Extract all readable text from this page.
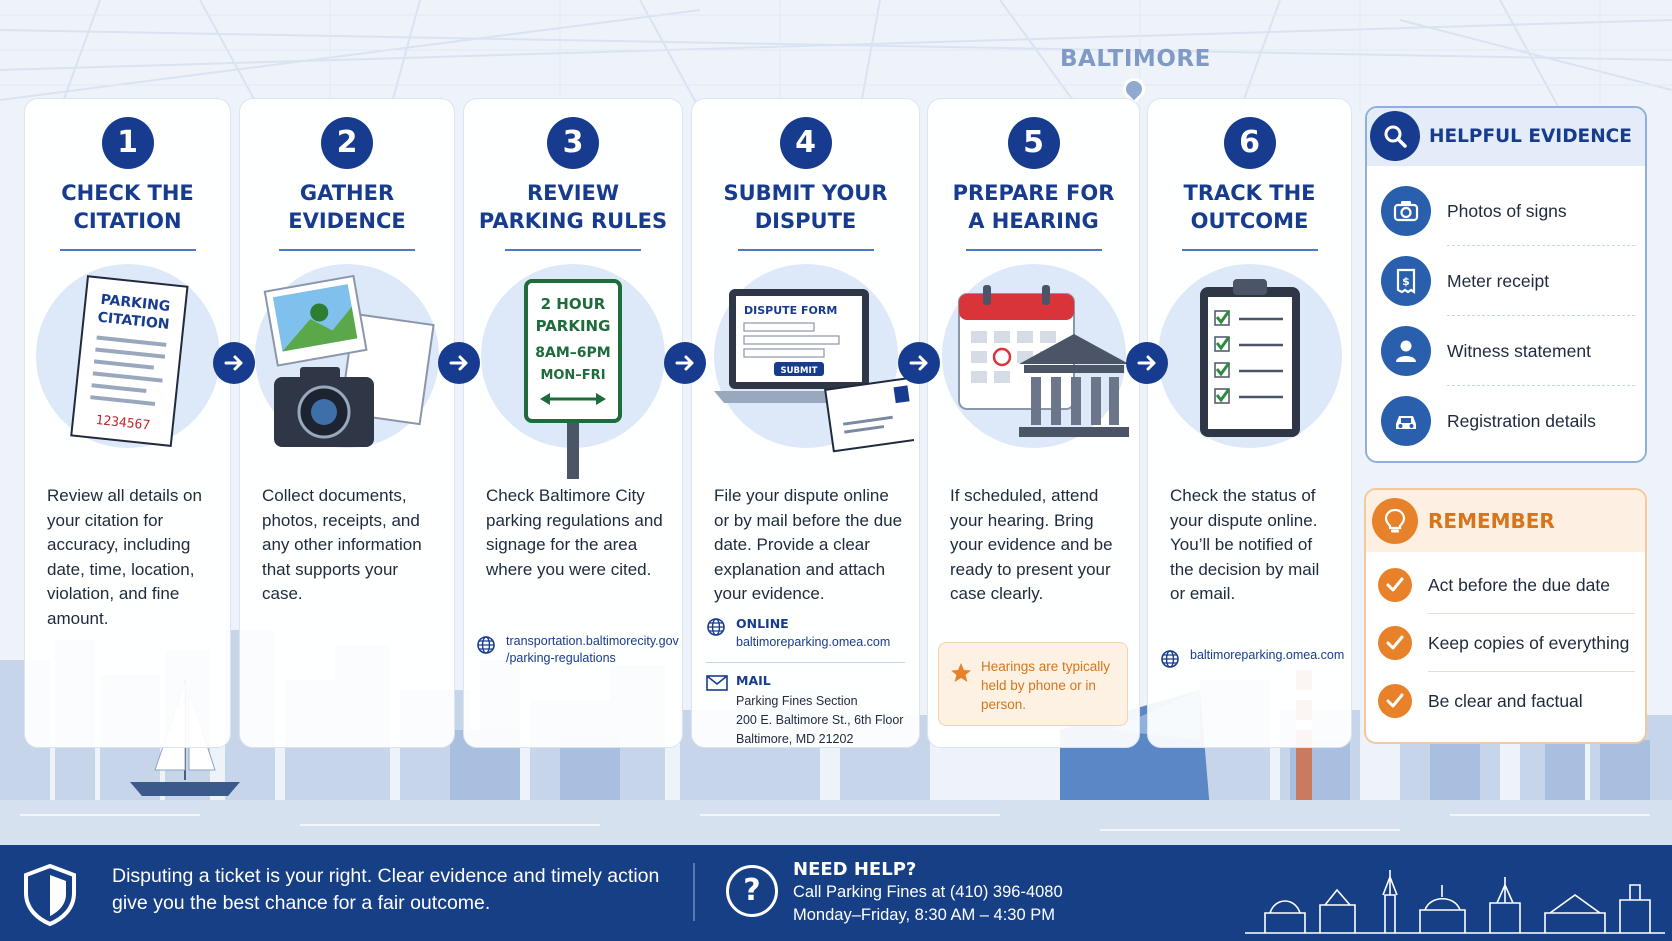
BALTIMORE
1
CHECK THE
CITATION
PARKING
CITATION
1234567
Review all details on your citation for accuracy, including date, time, location, violation, and fine amount.
2
GATHER
EVIDENCE
Collect documents, photos, receipts, and any other information that supports your case.
3
REVIEW
PARKING RULES
2 HOUR
PARKING
8AM–6PM
MON–FRI
Check Baltimore City parking regulations and signage for the area where you were cited.
transportation.baltimorecity.gov
/parking-regulations
4
SUBMIT YOUR
DISPUTE
DISPUTE FORM
SUBMIT
File your dispute online or by mail before the due date. Provide a clear explanation and attach your evidence.
ONLINE
baltimoreparking.omea.com
MAIL
Parking Fines Section
200 E. Baltimore St., 6th Floor
Baltimore, MD 21202
5
PREPARE FOR
A HEARING
If scheduled, attend your hearing. Bring your evidence and be ready to present your case clearly.
6
TRACK THE
OUTCOME
Check the status of your dispute online. You’ll be notified of the decision by mail or email.
baltimoreparking.omea.com
Hearings are typically held by phone or in person.
HELPFUL EVIDENCE
Photos of signs
$ Meter receipt
Witness statement
Registration details
REMEMBER
Act before the due date
Keep copies of everything
Be clear and factual
Disputing a ticket is your right. Clear evidence and timely action give you the best chance for a fair outcome.	?
NEED HELP?
Call Parking Fines at (410) 396-4080
Monday–Friday, 8:30 AM – 4:30 PM
